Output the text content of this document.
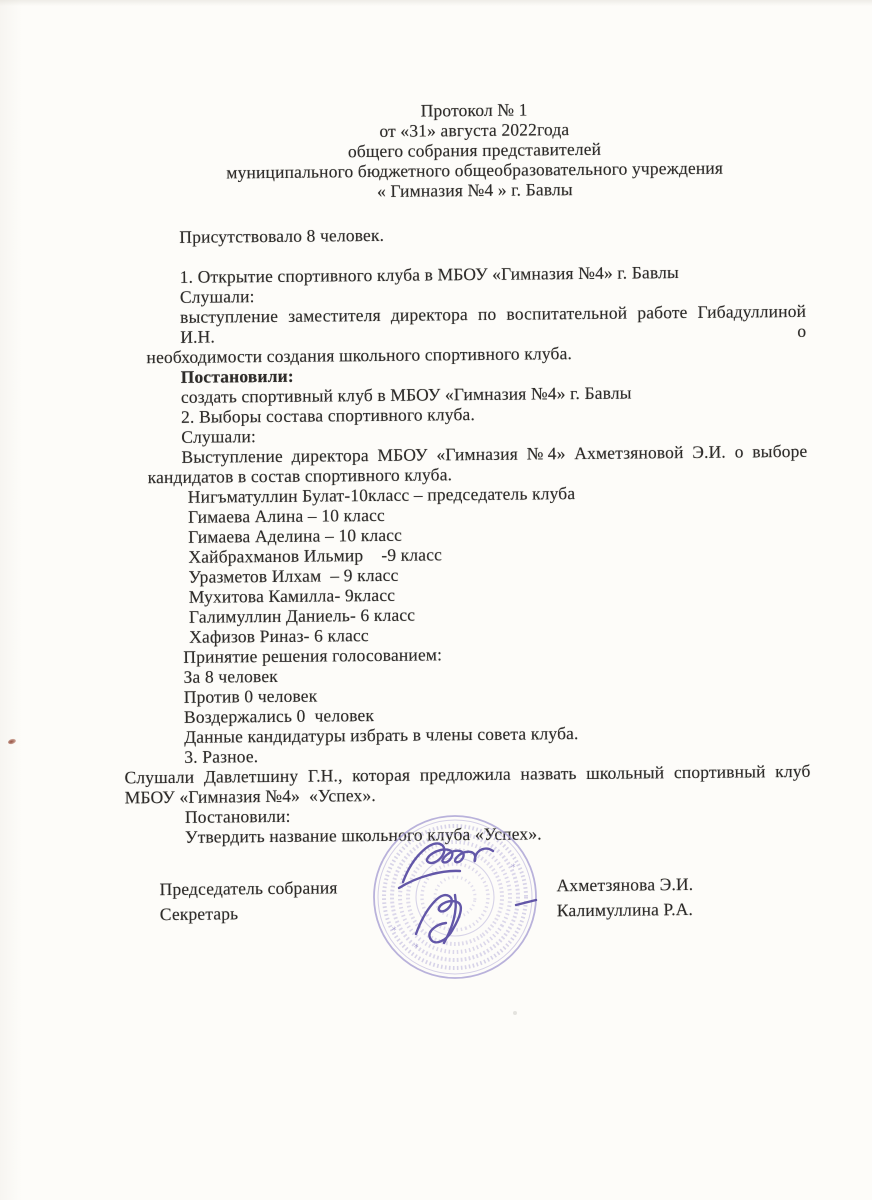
Протокол № 1
от «31» августа 2022года
общего собрания представителей
муниципального бюджетного общеобразовательного учреждения
« Гимназия №4 » г. Бавлы
Присутствовало 8 человек.
1. Открытие спортивного клуба в МБОУ «Гимназия №4» г. Бавлы
Слушали:
выступление заместителя директора по воспитательной работе Гибадуллиной И.Н. о
необходимости создания школьного спортивного клуба.
Постановили:
создать спортивный клуб в МБОУ «Гимназия №4» г. Бавлы
2. Выборы состава спортивного клуба.
Слушали:
Выступление директора МБОУ «Гимназия №4» Ахметзяновой Э.И. о выборе
кандидатов в состав спортивного клуба.
Нигъматуллин Булат-10класс – председатель клуба
Гимаева Алина – 10 класс
Гимаева Аделина – 10 класс
Хайбрахманов Ильмир    -9 класс
Уразметов Илхам  – 9 класс
Мухитова Камилла- 9класс
Галимуллин Даниель- 6 класс
Хафизов Риназ- 6 класс
Принятие решения голосованием:
За 8 человек
Против 0 человек
Воздержались 0  человек
Данные кандидатуры избрать в члены совета клуба.
3. Разное.
Слушали Давлетшину Г.Н., которая предложила назвать школьный спортивный клуб
МБОУ «Гимназия №4»  «Успех».
Постановили:
Утвердить название школьного клуба «Успех».
Председатель собрания	Ахметзянова Э.И.
Секретарь	Калимуллина Р.А.
*
*
*
